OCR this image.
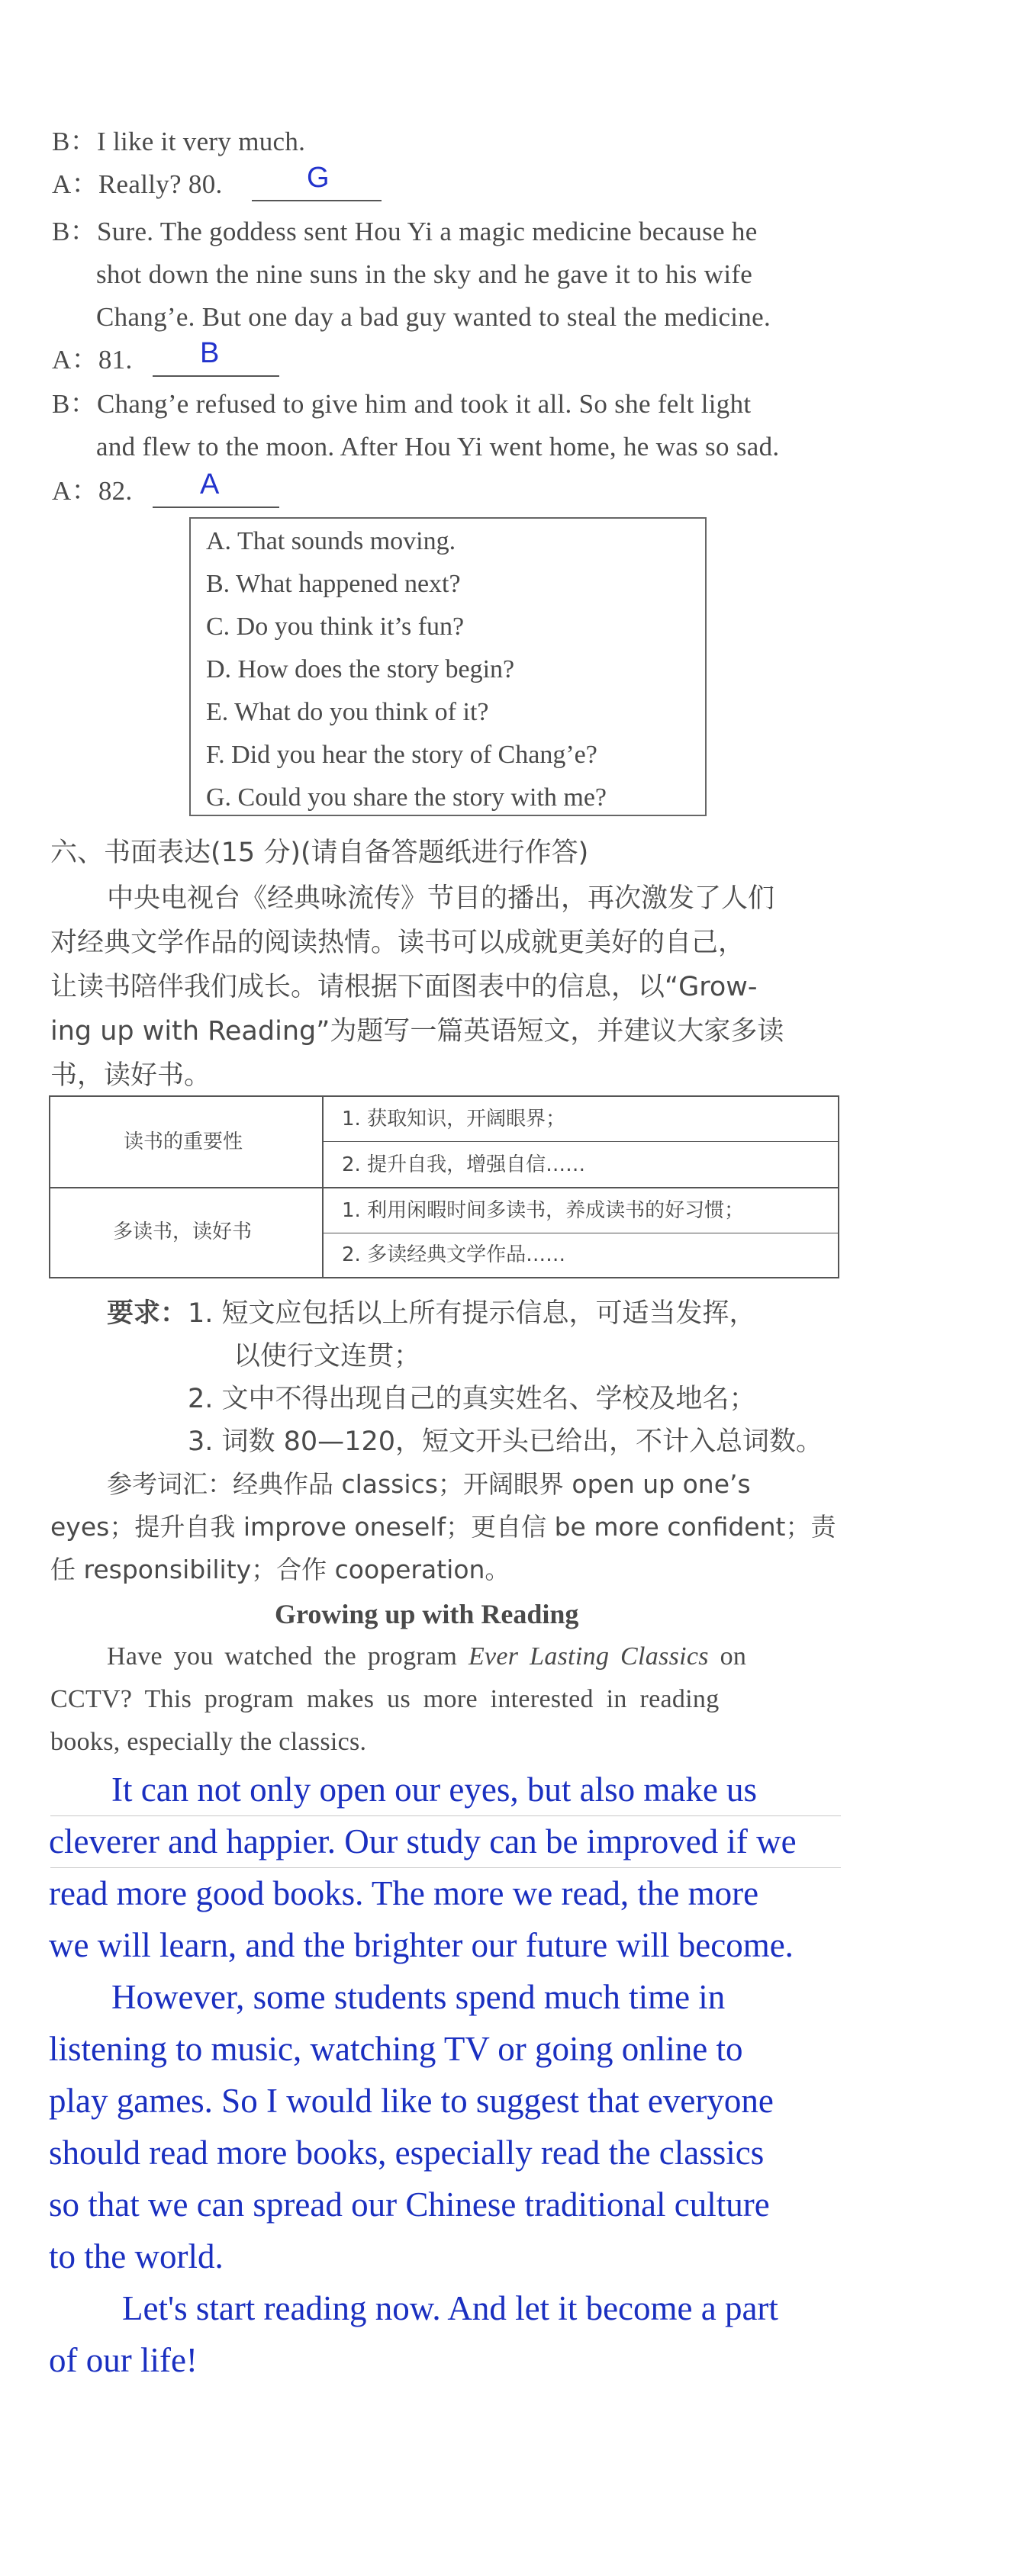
B：I like it very much.
A：Really? 80.	G
B：Sure. The goddess sent Hou Yi a magic medicine because he
shot down the nine suns in the sky and he gave it to his wife
Chang’e. But one day a bad guy wanted to steal the medicine.
A：81. B
B：Chang’e refused to give him and took it all. So she felt light
and flew to the moon. After Hou Yi went home, he was so sad.
A：82. A
A. That sounds moving.
B. What happened next?
C. Do you think it’s fun?
D. How does the story begin?
E. What do you think of it?
F. Did you hear the story of Chang’e?
G. Could you share the story with me?
六、书面表达(15 分)(请自备答题纸进行作答)
中央电视台《经典咏流传》节目的播出，再次激发了人们
对经典文学作品的阅读热情。读书可以成就更美好的自己，
让读书陪伴我们成长。请根据下面图表中的信息，以“Grow-
ing up with Reading”为题写一篇英语短文，并建议大家多读
书，读好书。
读书的重要性
1. 获取知识，开阔眼界；
2. 提升自我，增强自信……
多读书，读好书
1. 利用闲暇时间多读书，养成读书的好习惯；
2. 多读经典文学作品……
要求： 1. 短文应包括以上所有提示信息，可适当发挥，
以使行文连贯；
2. 文中不得出现自己的真实姓名、学校及地名；
3. 词数 80—120，短文开头已给出，不计入总词数。
参考词汇：经典作品 classics；开阔眼界 open up one’s
eyes；提升自我 improve oneself；更自信 be more confident；责
任 responsibility；合作 cooperation。
Growing up with Reading
Have you watched the program Ever Lasting Classics on
CCTV? This program makes us more interested in reading
books, especially the classics.
It can not only open our eyes, but also make us
cleverer and happier. Our study can be improved if we
read more good books. The more we read, the more
we will learn, and the brighter our future will become.
However, some students spend much time in
listening to music, watching TV or going online to
play games. So I would like to suggest that everyone
should read more books, especially read the classics
so that we can spread our Chinese traditional culture
to the world.
Let's start reading now. And let it become a part
of our life!
